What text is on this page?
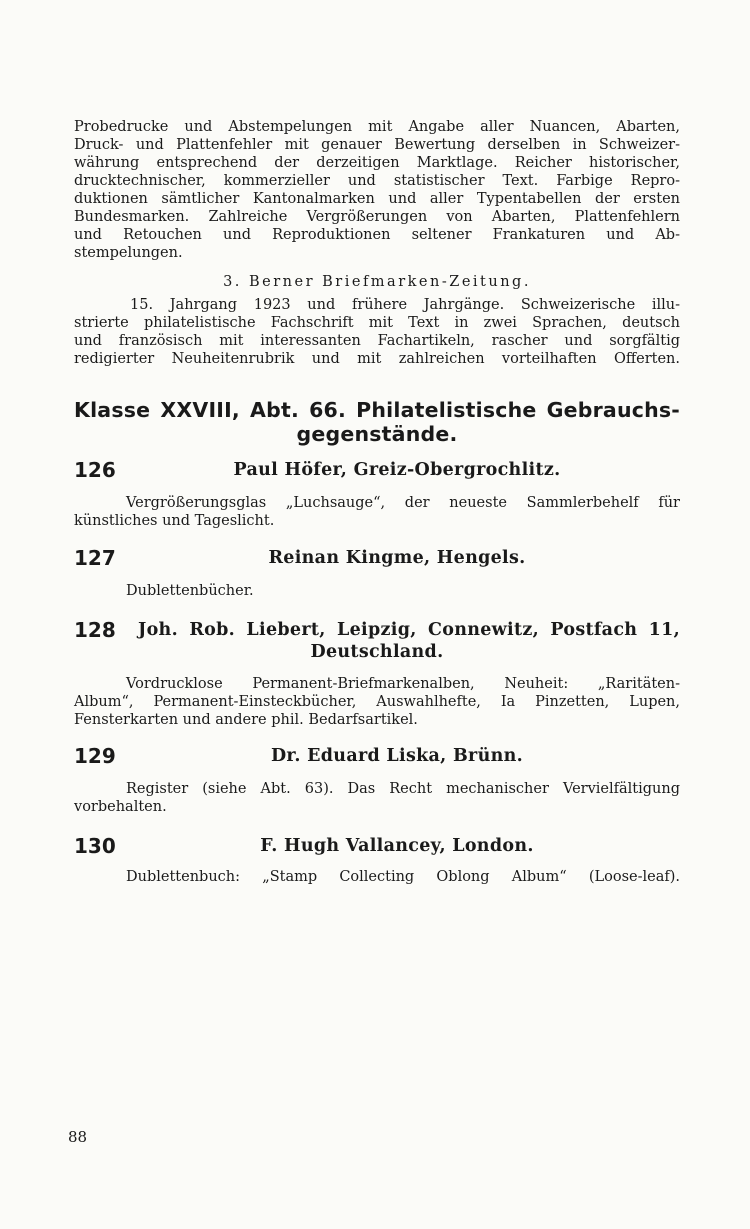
Probedrucke und Abstempelungen mit Angabe aller Nuancen, Abarten,
Druck- und Plattenfehler mit genauer Bewertung derselben in Schweizer-
währung entsprechend der derzeitigen Marktlage. Reicher historischer,
drucktechnischer, kommerzieller und statistischer Text. Farbige Repro-
duktionen sämtlicher Kantonalmarken und aller Typentabellen der ersten
Bundesmarken. Zahlreiche Vergrößerungen von Abarten, Plattenfehlern
und Retouchen und Reproduktionen seltener Frankaturen und Ab-
stempelungen.
3. Berner Briefmarken-Zeitung.
15. Jahrgang 1923 und frühere Jahrgänge. Schweizerische illu-
strierte philatelistische Fachschrift mit Text in zwei Sprachen, deutsch
und französisch mit interessanten Fachartikeln, rascher und sorgfältig
redigierter Neuheitenrubrik und mit zahlreichen vorteilhaften Offerten.
Klasse XXVIII, Abt. 66. Philatelistische Gebrauchs-
gegenstände.
126	Paul Höfer, Greiz-Obergrochlitz.
Vergrößerungsglas „Luchsauge“, der neueste Sammlerbehelf für
künstliches und Tageslicht.
127	Reinan Kingme, Hengels.
Dublettenbücher.
128 Joh. Rob. Liebert, Leipzig, Connewitz, Postfach 11,
Deutschland.
Vordrucklose Permanent-Briefmarkenalben, Neuheit: „Raritäten-
Album“, Permanent-Einsteckbücher, Auswahlhefte, Ia Pinzetten, Lupen,
Fensterkarten und andere phil. Bedarfsartikel.
129	Dr. Eduard Liska, Brünn.
Register (siehe Abt. 63). Das Recht mechanischer Vervielfältigung
vorbehalten.
130	F. Hugh Vallancey, London.
Dublettenbuch: „Stamp Collecting Oblong Album“ (Loose-leaf).
88
